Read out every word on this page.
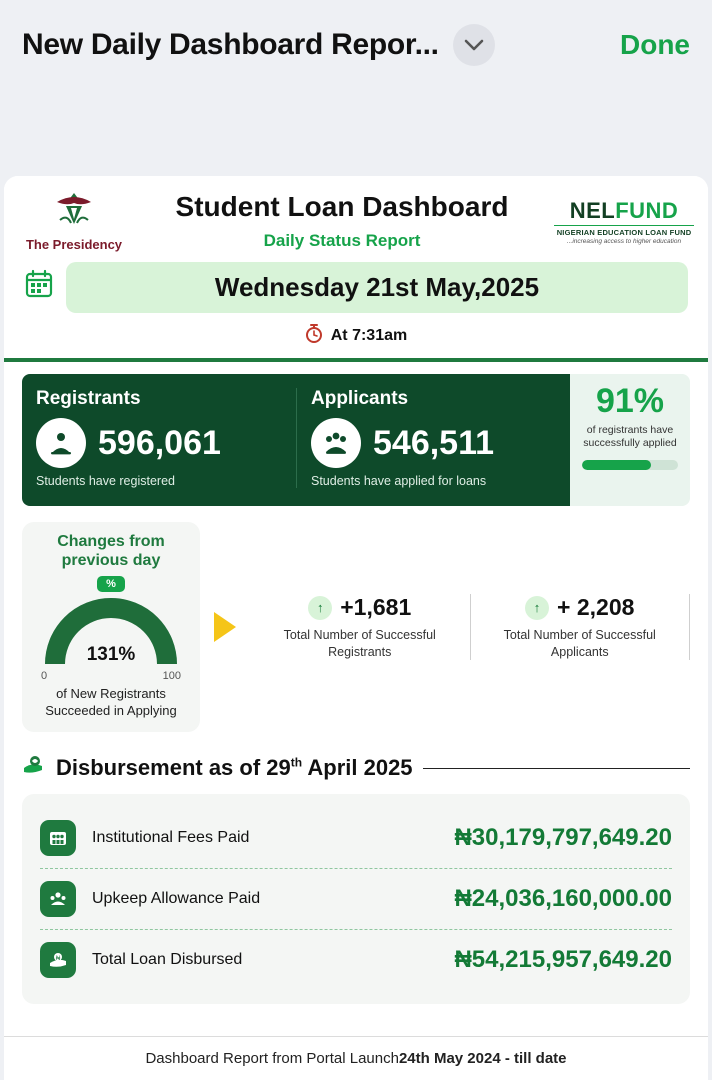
New Daily Dashboard Repor...	Done
The Presidency
Student Loan Dashboard
Daily Status Report
NELFUND
NIGERIAN EDUCATION LOAN FUND
...increasing access to higher education
Wednesday 21st May,2025
At 7:31am
Registrants
596,061
Students have registered
Applicants
546,511
Students have applied for loans
91%
of registrants have successfully applied
Changes from previous day
%
131%
0	100
of New Registrants Succeeded in Applying
↑ +1,681
Total Number of Successful Registrants
↑ + 2,208
Total Number of Successful Applicants
Disbursement as of 29th April 2025
Institutional Fees Paid	₦30,179,797,649.20
Upkeep Allowance Paid	₦24,036,160,000.00
₦ Total Loan Disbursed	₦54,215,957,649.20
Dashboard Report from Portal Launch 24th May 2024 - till date
